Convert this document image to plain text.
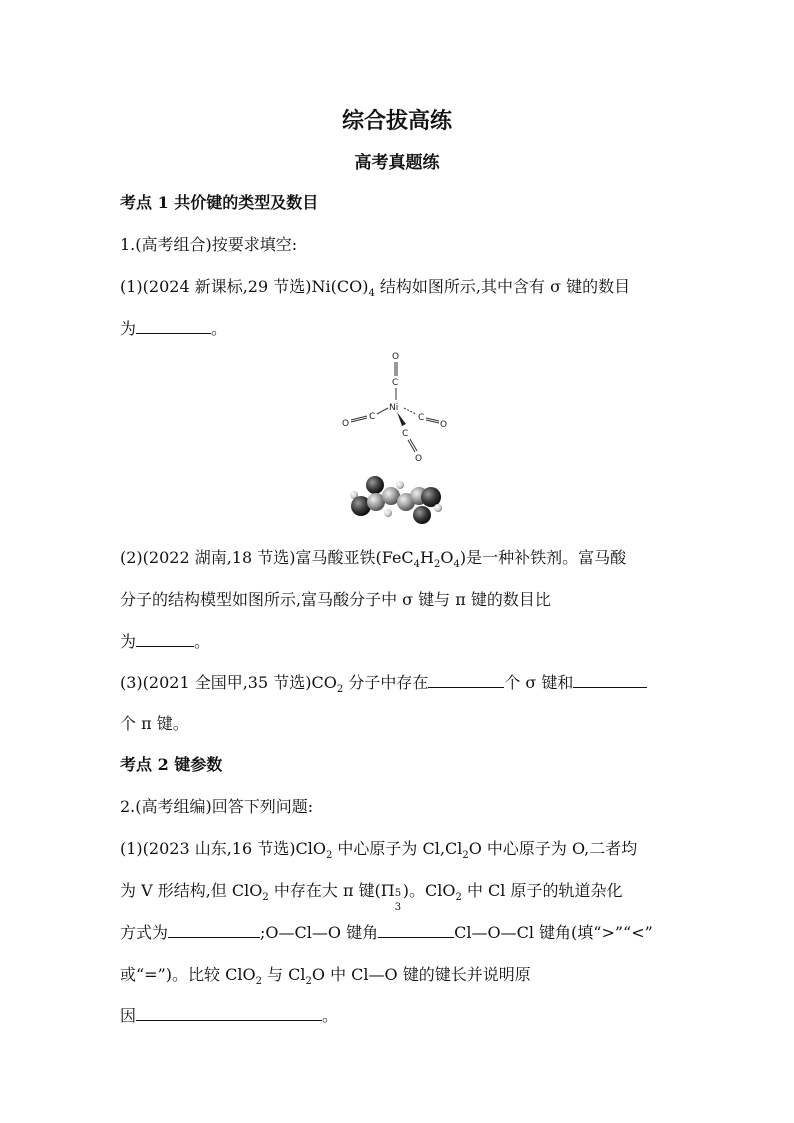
综合拔高练
高考真题练
考点 1 共价键的类型及数目
1.(高考组合)按要求填空:
(1)(2024 新课标,29 节选)$Ni(CO)_4$ 结构如图所示,其中含有 σ 键的数目
为	。
O
C
Ni
C
O
C
O
C
O
(2)(2022 湖南,18 节选)富马酸亚铁$(FeC_4H_2O_4)$是一种补铁剂。富马酸
分子的结构模型如图所示,富马酸分子中 σ 键与 π 键的数目比
为	。
(3)(2021 全国甲,35 节选)$CO_2$ 分子中存在	个 σ 键和
个 π 键。
考点 2 键参数
2.(高考组编)回答下列问题:
(1)(2023 山东,16 节选)ClO$_2$ 中心原子为 $Cl,Cl_2O$ 中心原子为 O,二者均
为 V 形结构,但 ClO$_2$ 中存在大 π 键(Π 5
3
)。ClO$_2$ 中 Cl 原子的轨道杂化
方式为	;O—Cl—O 键角	Cl—O—Cl 键角(填“>”“<”
或“=”)。比较 ClO$_2$ 与 $Cl_2O$ 中 Cl—O 键的键长并说明原
因	。
